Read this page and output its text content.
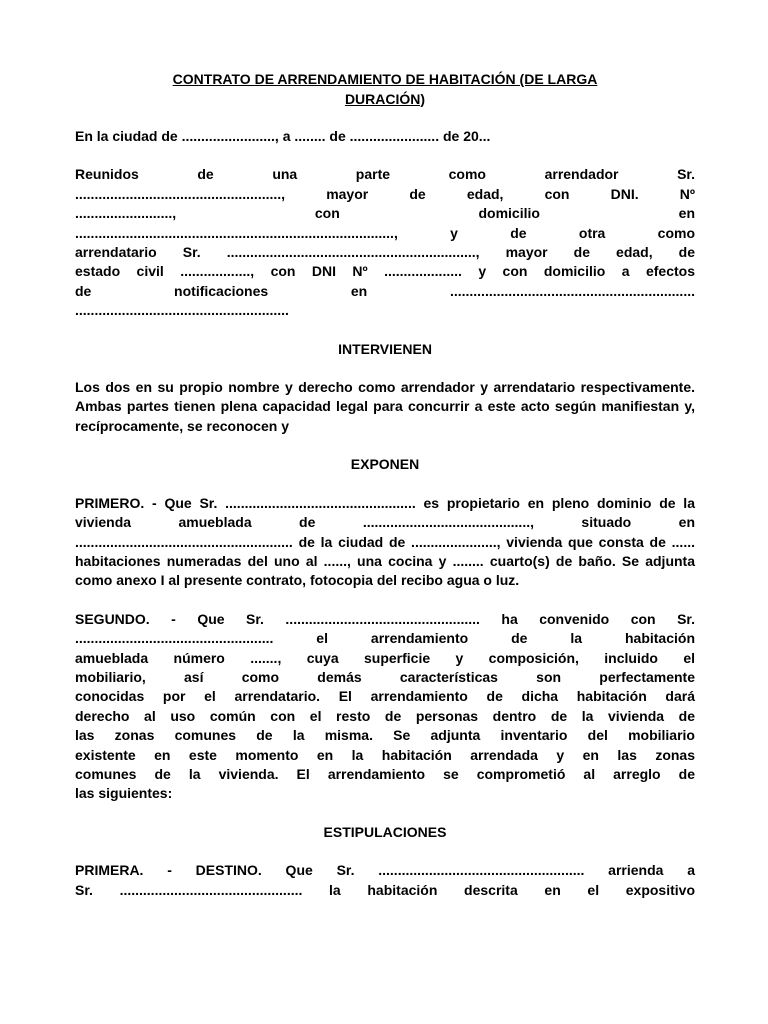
CONTRATO DE ARRENDAMIENTO DE HABITACIÓN (DE LARGA
DURACIÓN)

En la ciudad de ........................, a ........ de ....................... de 20...

Reunidos de una parte como arrendador Sr.
....................................................., mayor de edad, con DNI. Nº
........................., con domicilio en
.................................................................................., y de otra como
arrendatario Sr. ................................................................, mayor de edad, de
estado civil .................., con DNI Nº .................... y con domicilio a efectos
de notificaciones en ...............................................................
.......................................................
INTERVIENEN

Los dos en su propio nombre y derecho como arrendador y arrendatario respectivamente. Ambas partes tienen plena capacidad legal para concurrir a este acto según manifiestan y, recíprocamente, se reconocen y

EXPONEN

PRIMERO. - Que Sr. ................................................. es propietario en pleno dominio de la vivienda amueblada de ..........................................., situado en ........................................................ de la ciudad de ......................, vivienda que consta de ...... habitaciones numeradas del uno al ......, una cocina y ........ cuarto(s) de baño. Se adjunta como anexo I al presente contrato, fotocopia del recibo agua o luz.

SEGUNDO. - Que Sr. .................................................. ha convenido con Sr.
................................................... el arrendamiento de la habitación
amueblada número ......., cuya superficie y composición, incluido el
mobiliario, así como demás características son perfectamente
conocidas por el arrendatario. El arrendamiento de dicha habitación dará
derecho al uso común con el resto de personas dentro de la vivienda de
las zonas comunes de la misma. Se adjunta inventario del mobiliario
existente en este momento en la habitación arrendada y en las zonas
comunes de la vivienda. El arrendamiento se comprometió al arreglo de
las siguientes:
ESTIPULACIONES
PRIMERA. - DESTINO. Que Sr. ..................................................... arrienda a
Sr. ............................................... la habitación descrita en el expositivo
